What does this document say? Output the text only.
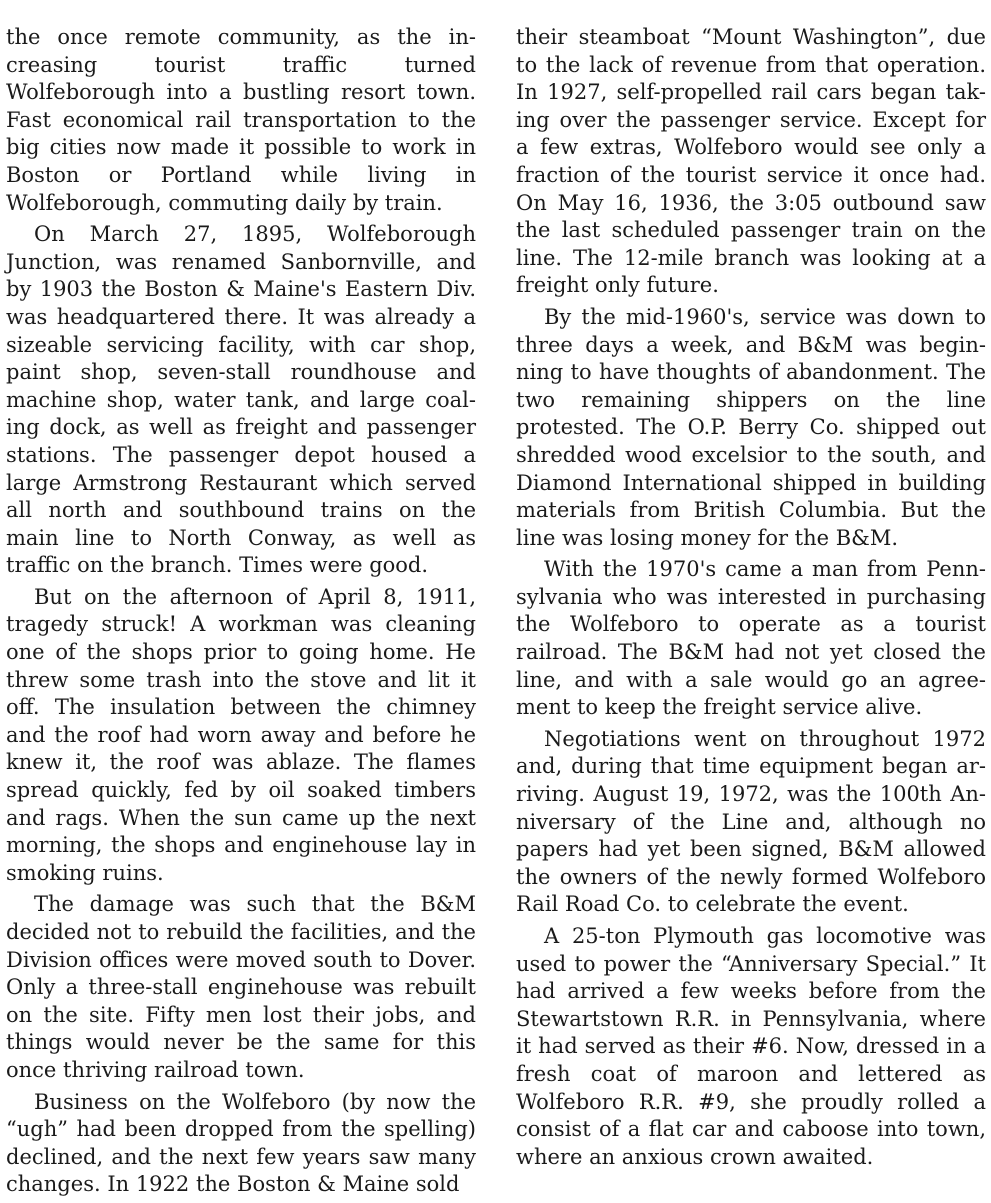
the once remote community, as the in-creasing tourist traffic turned Wolfeborough into a bustling resort town. Fast economical rail transportation to the big cities now made it possible to work in Boston or Portland while living in Wolfeborough, commuting daily by train.

On March 27, 1895, Wolfeborough Junction, was renamed Sanbornville, and by 1903 the Boston & Maine's Eastern Div. was headquartered there. It was already a sizeable servicing facility, with car shop, paint shop, seven-stall roundhouse and machine shop, water tank, and large coal-ing dock, as well as freight and passenger stations. The passenger depot housed a large Armstrong Restaurant which served all north and southbound trains on the main line to North Conway, as well as traffic on the branch. Times were good.

But on the afternoon of April 8, 1911, tragedy struck! A workman was cleaning one of the shops prior to going home. He threw some trash into the stove and lit it off. The insulation between the chimney and the roof had worn away and before he knew it, the roof was ablaze. The flames spread quickly, fed by oil soaked timbers and rags. When the sun came up the next morning, the shops and enginehouse lay in smoking ruins.

The damage was such that the B&M decided not to rebuild the facilities, and the Division offices were moved south to Dover. Only a three-stall enginehouse was rebuilt on the site. Fifty men lost their jobs, and things would never be the same for this once thriving railroad town.

Business on the Wolfeboro (by now the “ugh” had been dropped from the spelling) declined, and the next few years saw many changes. In 1922 the Boston & Maine sold

their steamboat “Mount Washington”, due to the lack of revenue from that operation. In 1927, self-propelled rail cars began tak-ing over the passenger service. Except for a few extras, Wolfeboro would see only a fraction of the tourist service it once had. On May 16, 1936, the 3:05 outbound saw the last scheduled passenger train on the line. The 12-mile branch was looking at a freight only future.

By the mid-1960's, service was down to three days a week, and B&M was begin-ning to have thoughts of abandonment. The two remaining shippers on the line protested. The O.P. Berry Co. shipped out shredded wood excelsior to the south, and Diamond International shipped in building materials from British Columbia. But the line was losing money for the B&M.

With the 1970's came a man from Penn-sylvania who was interested in purchasing the Wolfeboro to operate as a tourist railroad. The B&M had not yet closed the line, and with a sale would go an agree-ment to keep the freight service alive.

Negotiations went on throughout 1972 and, during that time equipment began ar-riving. August 19, 1972, was the 100th An-niversary of the Line and, although no papers had yet been signed, B&M allowed the owners of the newly formed Wolfeboro Rail Road Co. to celebrate the event.

A 25-ton Plymouth gas locomotive was used to power the “Anniversary Special.” It had arrived a few weeks before from the Stewartstown R.R. in Pennsylvania, where it had served as their #6. Now, dressed in a fresh coat of maroon and lettered as Wolfeboro R.R. #9, she proudly rolled a consist of a flat car and caboose into town, where an anxious crown awaited.
